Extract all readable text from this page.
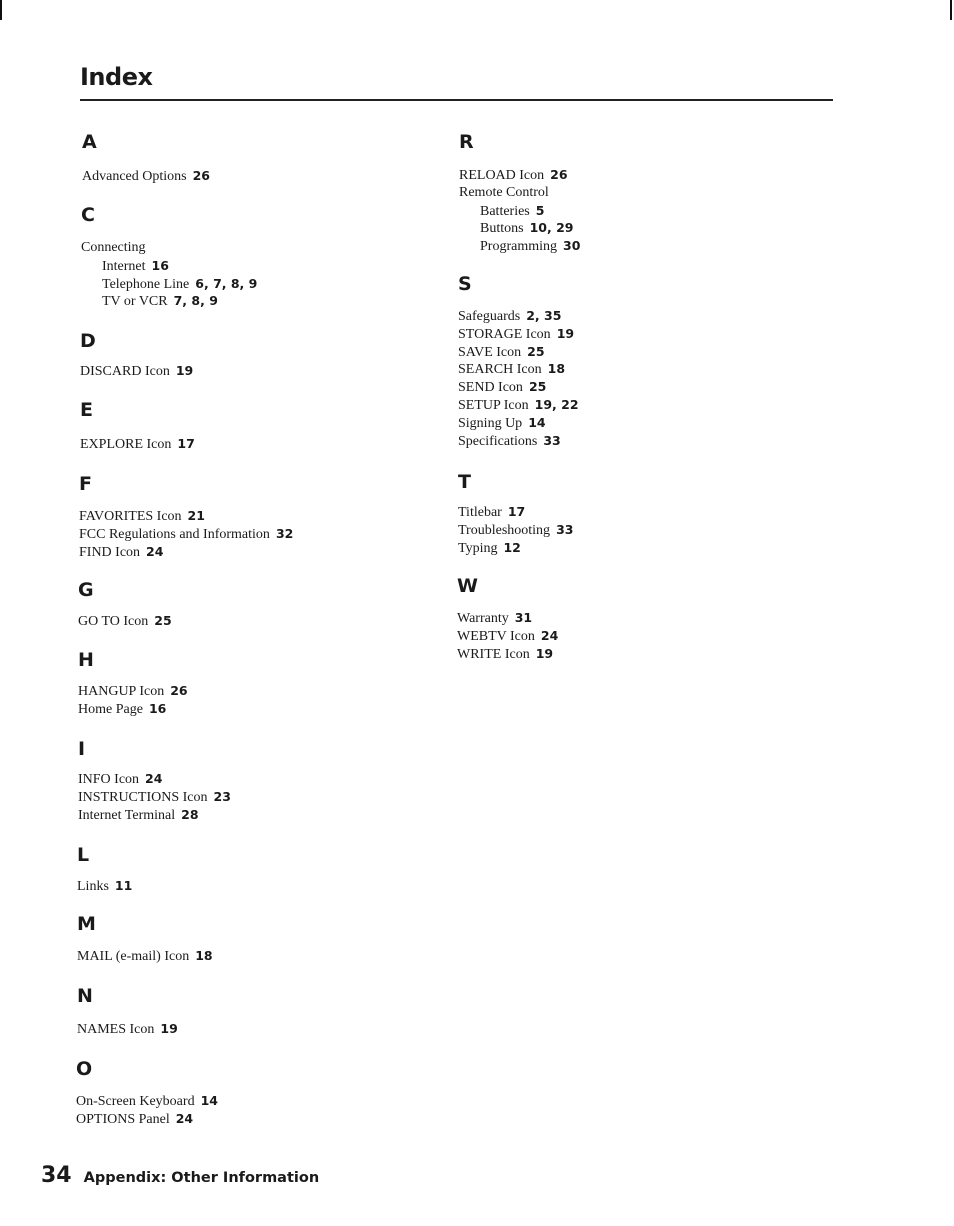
Index
A
Advanced Options 26
C
Connecting
Internet 16
Telephone Line 6, 7, 8, 9
TV or VCR 7, 8, 9
D
DISCARD Icon 19
E
EXPLORE Icon 17
F
FAVORITES Icon 21
FCC Regulations and Information 32
FIND Icon 24
G
GO TO Icon 25
H
HANGUP Icon 26
Home Page 16
I
INFO Icon 24
INSTRUCTIONS Icon 23
Internet Terminal 28
L
Links 11
M
MAIL (e-mail) Icon 18
N
NAMES Icon 19
O
On-Screen Keyboard 14
OPTIONS Panel 24
R
RELOAD Icon 26
Remote Control
Batteries 5
Buttons 10, 29
Programming 30
S
Safeguards 2, 35
STORAGE Icon 19
SAVE Icon 25
SEARCH Icon 18
SEND Icon 25
SETUP Icon 19, 22
Signing Up 14
Specifications 33
T
Titlebar 17
Troubleshooting 33
Typing 12
W
Warranty 31
WEBTV Icon 24
WRITE Icon 19
34 Appendix: Other Information
